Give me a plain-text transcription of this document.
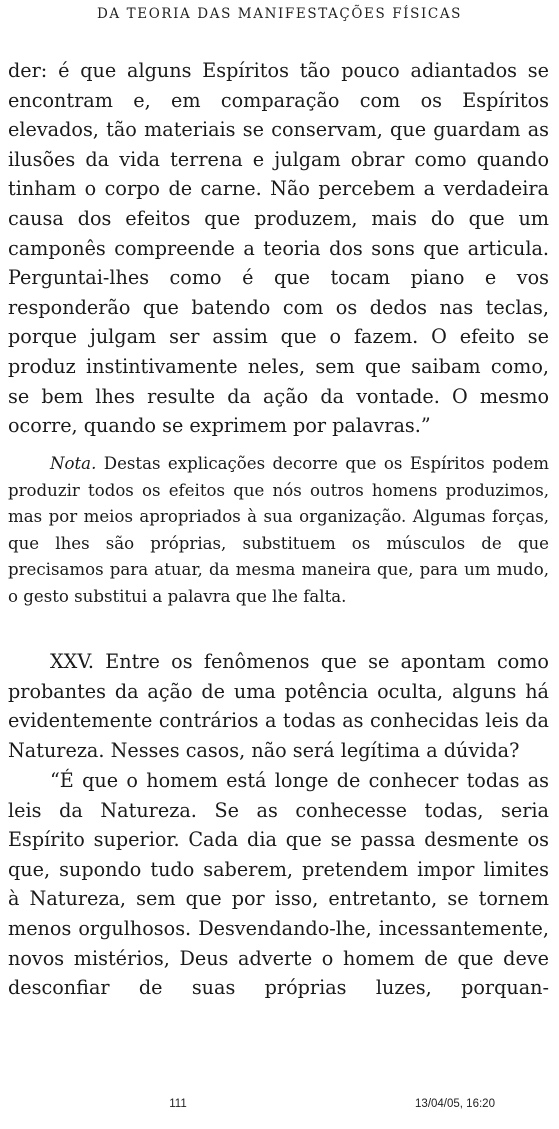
DA TEORIA DAS MANIFESTAÇÕES FÍSICAS

der: é que alguns Espíritos tão pouco adiantados se encontram e, em comparação com os Espíritos elevados, tão materiais se conservam, que guardam as ilusões da vida terrena e julgam obrar como quando tinham o corpo de carne. Não percebem a verdadeira causa dos efeitos que produzem, mais do que um camponês compreende a teoria dos sons que articula. Perguntai-lhes como é que tocam piano e vos responderão que batendo com os dedos nas teclas, porque julgam ser assim que o fazem. O efeito se produz instintivamente neles, sem que saibam como, se bem lhes resulte da ação da vontade. O mesmo ocorre, quando se exprimem por palavras.”

Nota. Destas explicações decorre que os Espíritos podem produzir todos os efeitos que nós outros homens produzimos, mas por meios apropriados à sua organização. Algumas forças, que lhes são próprias, substituem os músculos de que precisamos para atuar, da mesma maneira que, para um mudo, o gesto substitui a palavra que lhe falta.

XXV. Entre os fenômenos que se apontam como probantes da ação de uma potência oculta, alguns há evidentemente contrários a todas as conhecidas leis da Natureza. Nesses casos, não será legítima a dúvida?

“É que o homem está longe de conhecer todas as leis da Natureza. Se as conhecesse todas, seria Espírito superior. Cada dia que se passa desmente os que, supondo tudo saberem, pretendem impor limites à Natureza, sem que por isso, entretanto, se tornem menos orgulhosos. Desvendando-lhe, incessantemente, novos mistérios, Deus adverte o homem de que deve desconfiar de suas próprias luzes, porquan-

111	13/04/05, 16:20
